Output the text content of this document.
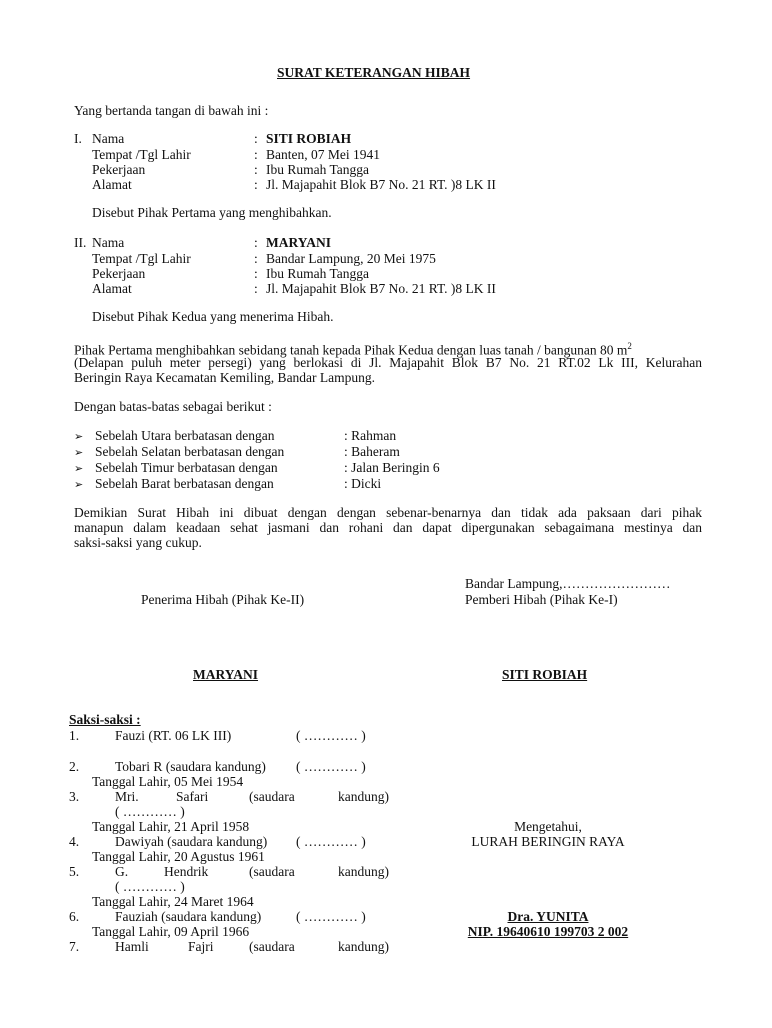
SURAT KETERANGAN HIBAH
Yang bertanda tangan di bawah ini :
I. Nama	: SITI ROBIAH
Tempat /Tgl Lahir	: Banten, 07 Mei 1941
Pekerjaan	: Ibu Rumah Tangga
Alamat	: Jl. Majapahit Blok B7 No. 21 RT. )8 LK II
Disebut Pihak Pertama yang menghibahkan.
II. Nama	: MARYANI
Tempat /Tgl Lahir	: Bandar Lampung, 20 Mei 1975
Pekerjaan	: Ibu Rumah Tangga
Alamat	: Jl. Majapahit Blok B7 No. 21 RT. )8 LK II
Disebut Pihak Kedua yang menerima Hibah.
Pihak Pertama menghibahkan sebidang tanah kepada Pihak Kedua dengan luas tanah / bangunan 80 $m^2$
(Delapan puluh meter persegi) yang berlokasi di Jl. Majapahit Blok B7 No. 21 RT.02 Lk III, Kelurahan
Beringin Raya Kecamatan Kemiling, Bandar Lampung.
Dengan batas-batas sebagai berikut :
➢ Sebelah Utara berbatasan dengan	: Rahman
➢ Sebelah Selatan berbatasan dengan	: Baheram
➢ Sebelah Timur berbatasan dengan	: Jalan Beringin 6
➢ Sebelah Barat berbatasan dengan	: Dicki
Demikian Surat Hibah ini dibuat dengan dengan sebenar-benarnya dan tidak ada paksaan dari pihak
manapun dalam keadaan sehat jasmani dan rohani dan dapat dipergunakan sebagaimana mestinya dan
saksi-saksi yang cukup.
Bandar Lampung,……………………
Penerima Hibah (Pihak Ke-II)	Pemberi Hibah (Pihak Ke-I)
MARYANI	SITI ROBIAH
Saksi-saksi :
1.	Fauzi (RT. 06 LK III)	( ………… )
2.	Tobari R (saudara kandung) ( ………… )
Tanggal Lahir, 05 Mei 1954
3.	Mri.	Safari	(saudara	kandung)
( ………… )
Tanggal Lahir, 21 April 1958
4.	Dawiyah (saudara kandung) ( ………… )
Tanggal Lahir, 20 Agustus 1961
5.	G.	Hendrik	(saudara	kandung)
( ………… )
Tanggal Lahir, 24 Maret 1964
6.	Fauziah (saudara kandung)	( ………… )
Tanggal Lahir, 09 April 1966
7.	Hamli	Fajri	(saudara	kandung)
Mengetahui,
LURAH BERINGIN RAYA
Dra. YUNITA
NIP. 19640610 199703 2 002
